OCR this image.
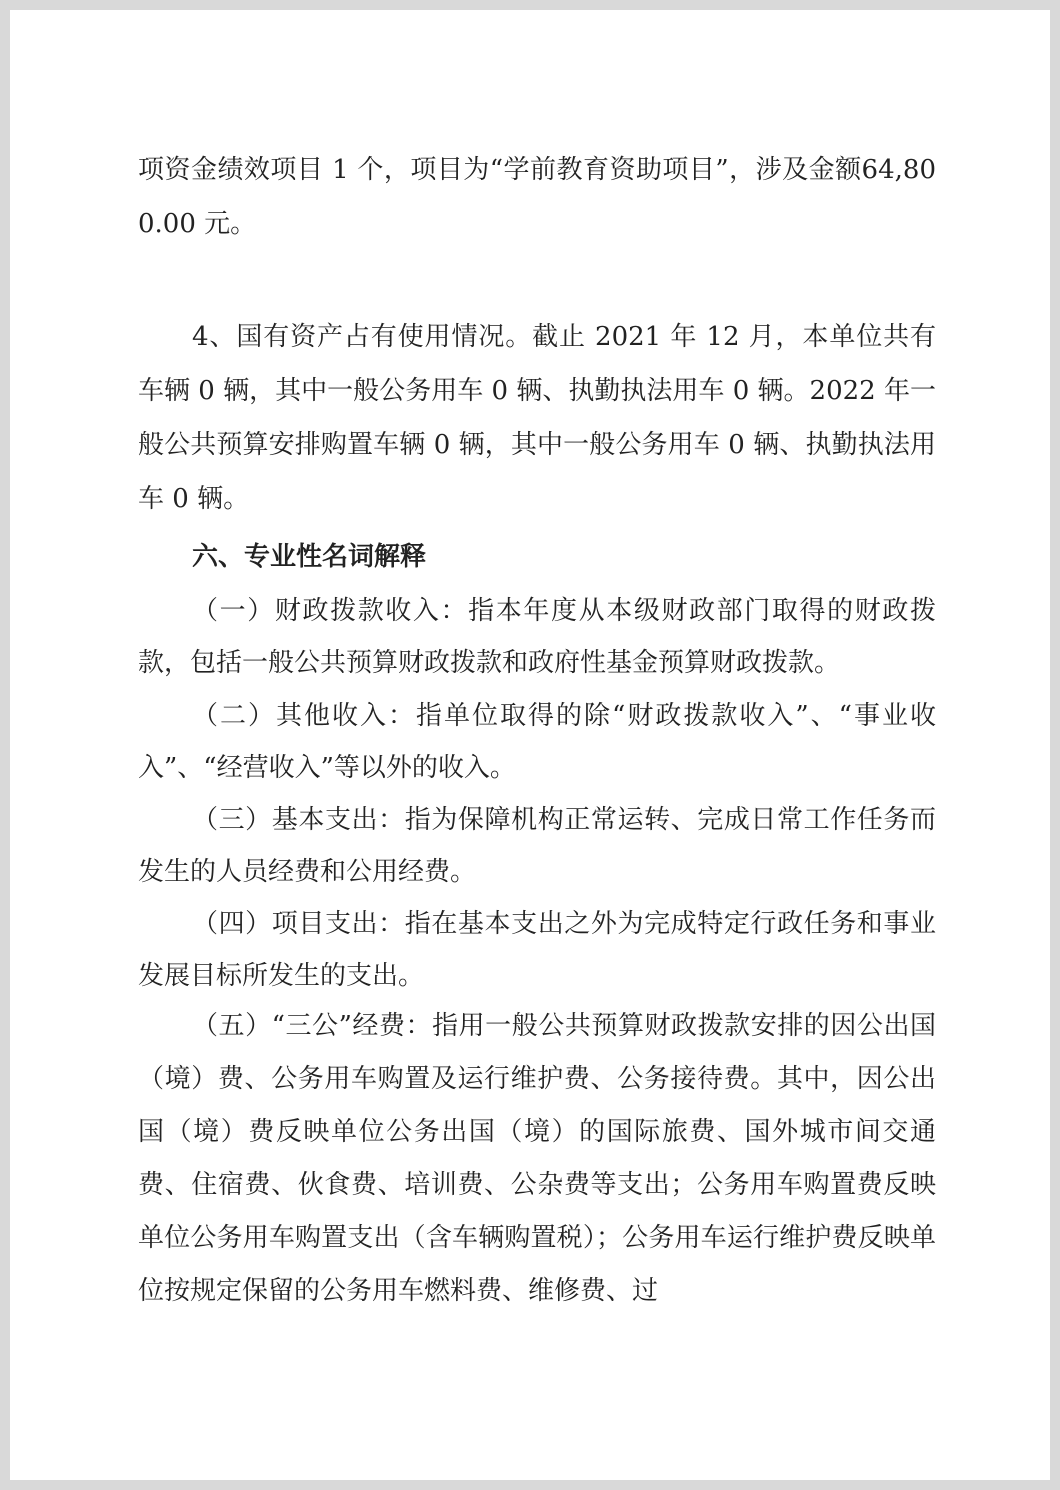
项资金绩效项目 1 个，项目为“学前教育资助项目”，涉及金额64,800.00 元。

4、国有资产占有使用情况。截止 2021 年 12 月，本单位共有车辆 0 辆，其中一般公务用车 0 辆、执勤执法用车 0 辆。2022 年一般公共预算安排购置车辆 0 辆，其中一般公务用车 0 辆、执勤执法用车 0 辆。

六、专业性名词解释

（一）财政拨款收入：指本年度从本级财政部门取得的财政拨款，包括一般公共预算财政拨款和政府性基金预算财政拨款。

（二）其他收入：指单位取得的除“财政拨款收入”、“事业收入”、“经营收入”等以外的收入。

（三）基本支出：指为保障机构正常运转、完成日常工作任务而发生的人员经费和公用经费。

（四）项目支出：指在基本支出之外为完成特定行政任务和事业发展目标所发生的支出。

（五）“三公”经费：指用一般公共预算财政拨款安排的因公出国（境）费、公务用车购置及运行维护费、公务接待费。其中，因公出国（境）费反映单位公务出国（境）的国际旅费、国外城市间交通费、住宿费、伙食费、培训费、公杂费等支出；公务用车购置费反映单位公务用车购置支出（含车辆购置税）；公务用车运行维护费反映单位按规定保留的公务用车燃料费、维修费、过
